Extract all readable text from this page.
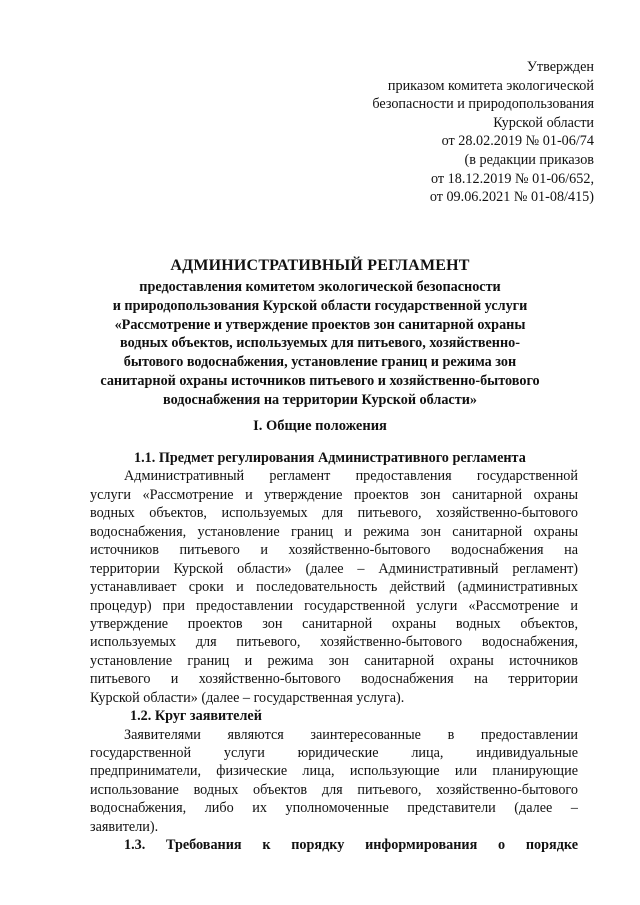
Утвержден
приказом комитета экологической
безопасности и природопользования
Курской области
от 28.02.2019 № 01-06/74
(в редакции приказов
от 18.12.2019 № 01-06/652,
от 09.06.2021 № 01-08/415)
АДМИНИСТРАТИВНЫЙ РЕГЛАМЕНТ
предоставления комитетом экологической безопасности
и природопользования Курской области государственной услуги
«Рассмотрение и утверждение проектов зон санитарной охраны
водных объектов, используемых для питьевого, хозяйственно-
бытового водоснабжения, установление границ и режима зон
санитарной охраны источников питьевого и хозяйственно-бытового
водоснабжения на территории Курской области»
I. Общие положения
1.1. Предмет регулирования Административного регламента
Административный регламент предоставления государственной
услуги «Рассмотрение и утверждение проектов зон санитарной охраны
водных объектов, используемых для питьевого, хозяйственно-бытового
водоснабжения, установление границ и режима зон санитарной охраны
источников питьевого и хозяйственно-бытового водоснабжения на
территории Курской области» (далее – Административный регламент)
устанавливает сроки и последовательность действий (административных
процедур) при предоставлении государственной услуги «Рассмотрение и
утверждение проектов зон санитарной охраны водных объектов,
используемых для питьевого, хозяйственно-бытового водоснабжения,
установление границ и режима зон санитарной охраны источников
питьевого и хозяйственно-бытового водоснабжения на территории
Курской области» (далее – государственная услуга).
1.2. Круг заявителей
Заявителями являются заинтересованные в предоставлении
государственной услуги юридические лица, индивидуальные
предприниматели, физические лица, использующие или планирующие
использование водных объектов для питьевого, хозяйственно-бытового
водоснабжения, либо их уполномоченные представители (далее –
заявители).
1.3. Требования к порядку информирования о порядке
